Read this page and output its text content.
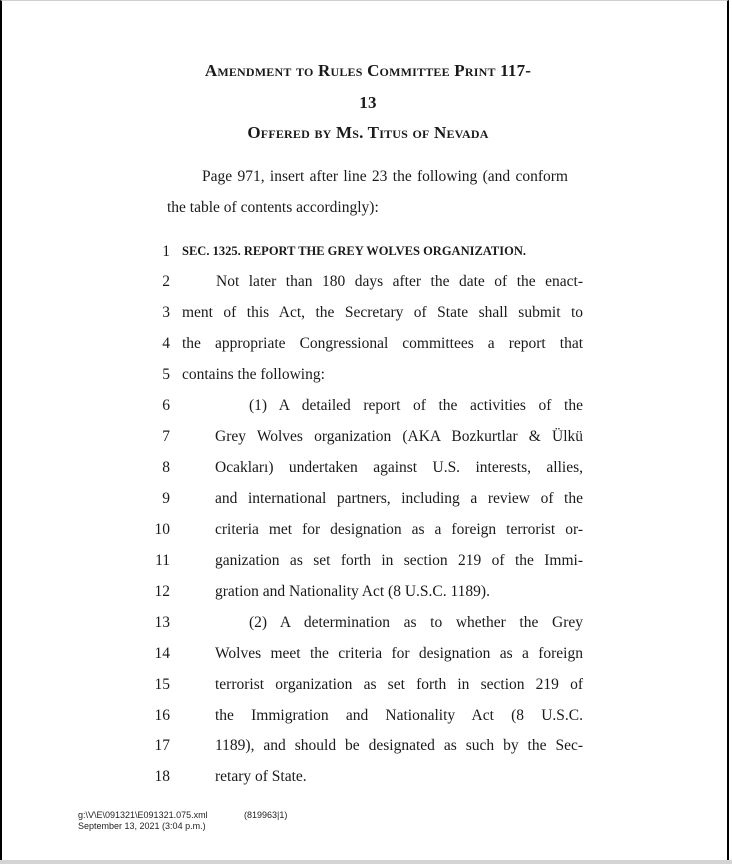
Amendment to Rules Committee Print 117-
13
Offered by Ms. Titus of Nevada
Page 971, insert after line 23 the following (and conform the table of contents accordingly):
1 SEC. 1325. REPORT THE GREY WOLVES ORGANIZATION.
2	Not later than 180 days after the date of the enact-
3 ment of this Act, the Secretary of State shall submit to
4 the appropriate Congressional committees a report that
5 contains the following:
6	(1) A detailed report of the activities of the
7	Grey Wolves organization (AKA Bozkurtlar & Ülkü
8	Ocakları) undertaken against U.S. interests, allies,
9	and international partners, including a review of the
10	criteria met for designation as a foreign terrorist or-
11	ganization as set forth in section 219 of the Immi-
12	gration and Nationality Act (8 U.S.C. 1189).
13	(2) A determination as to whether the Grey
14	Wolves meet the criteria for designation as a foreign
15	terrorist organization as set forth in section 219 of
16	the Immigration and Nationality Act (8 U.S.C.
17	1189), and should be designated as such by the Sec-
18	retary of State.
g:\V\E\091321\E091321.075.xml	(819963|1)
September 13, 2021 (3:04 p.m.)
